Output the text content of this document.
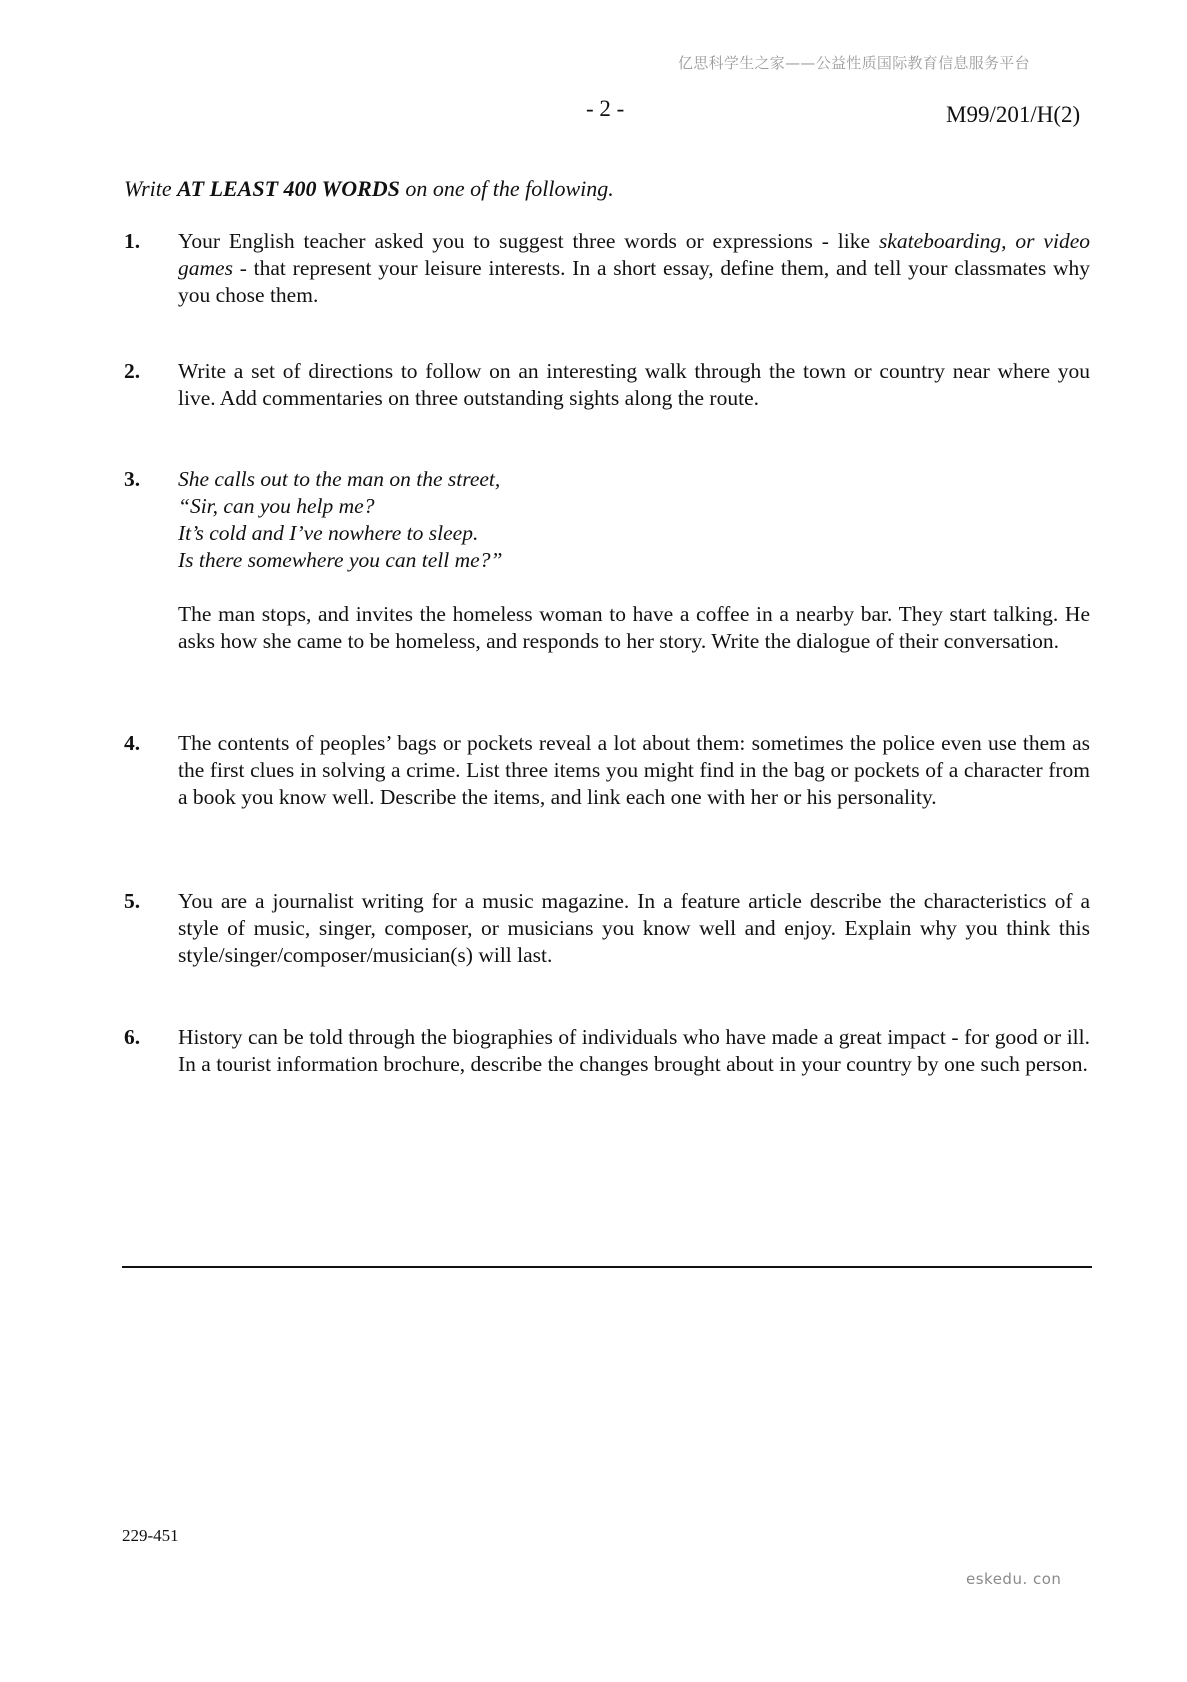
亿思科学生之家——公益性质国际教育信息服务平台
- 2 -	M99/201/H(2)
Write AT LEAST 400 WORDS on one of the following.
1. Your English teacher asked you to suggest three words or expressions - like skateboarding, or video games - that represent your leisure interests. In a short essay, define them, and tell your classmates why you chose them.

2. Write a set of directions to follow on an interesting walk through the town or country near where you live. Add commentaries on three outstanding sights along the route.

3. She calls out to the man on the street,
“Sir, can you help me?
It’s cold and I’ve nowhere to sleep.
Is there somewhere you can tell me?”

The man stops, and invites the homeless woman to have a coffee in a nearby bar. They start talking. He asks how she came to be homeless, and responds to her story. Write the dialogue of their conversation.

4. The contents of peoples’ bags or pockets reveal a lot about them: sometimes the police even use them as the first clues in solving a crime. List three items you might find in the bag or pockets of a character from a book you know well. Describe the items, and link each one with her or his personality.

5. You are a journalist writing for a music magazine. In a feature article describe the characteristics of a style of music, singer, composer, or musicians you know well and enjoy. Explain why you think this style/singer/composer/musician(s) will last.

6. History can be told through the biographies of individuals who have made a great impact - for good or ill. In a tourist information brochure, describe the changes brought about in your country by one such person.

229-451
eskedu. con
